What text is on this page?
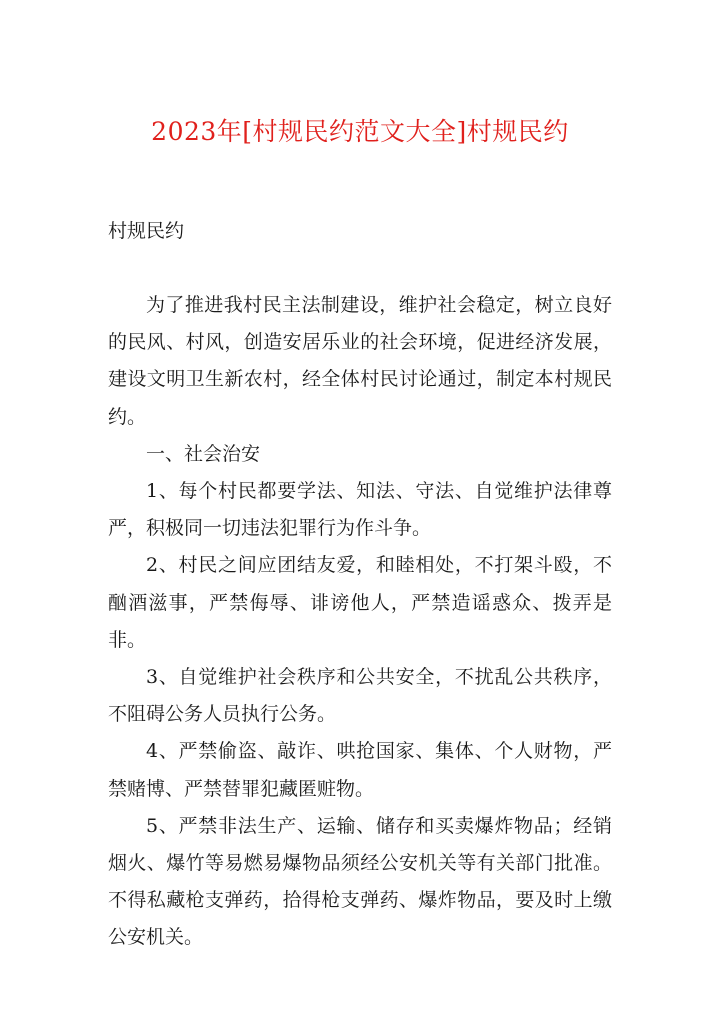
2023年[村规民约范文大全]村规民约
村规民约

为了推进我村民主法制建设，维护社会稳定，树立良好的民风、村风，创造安居乐业的社会环境，促进经济发展，建设文明卫生新农村，经全体村民讨论通过，制定本村规民约。

一、社会治安

1、每个村民都要学法、知法、守法、自觉维护法律尊严，积极同一切违法犯罪行为作斗争。

2、村民之间应团结友爱，和睦相处，不打架斗殴，不酗酒滋事，严禁侮辱、诽谤他人，严禁造谣惑众、拨弄是非。

3、自觉维护社会秩序和公共安全，不扰乱公共秩序，不阻碍公务人员执行公务。

4、严禁偷盗、敲诈、哄抢国家、集体、个人财物，严禁赌博、严禁替罪犯藏匿赃物。

5、严禁非法生产、运输、储存和买卖爆炸物品；经销烟火、爆竹等易燃易爆物品须经公安机关等有关部门批准。不得私藏枪支弹药，拾得枪支弹药、爆炸物品，要及时上缴公安机关。
